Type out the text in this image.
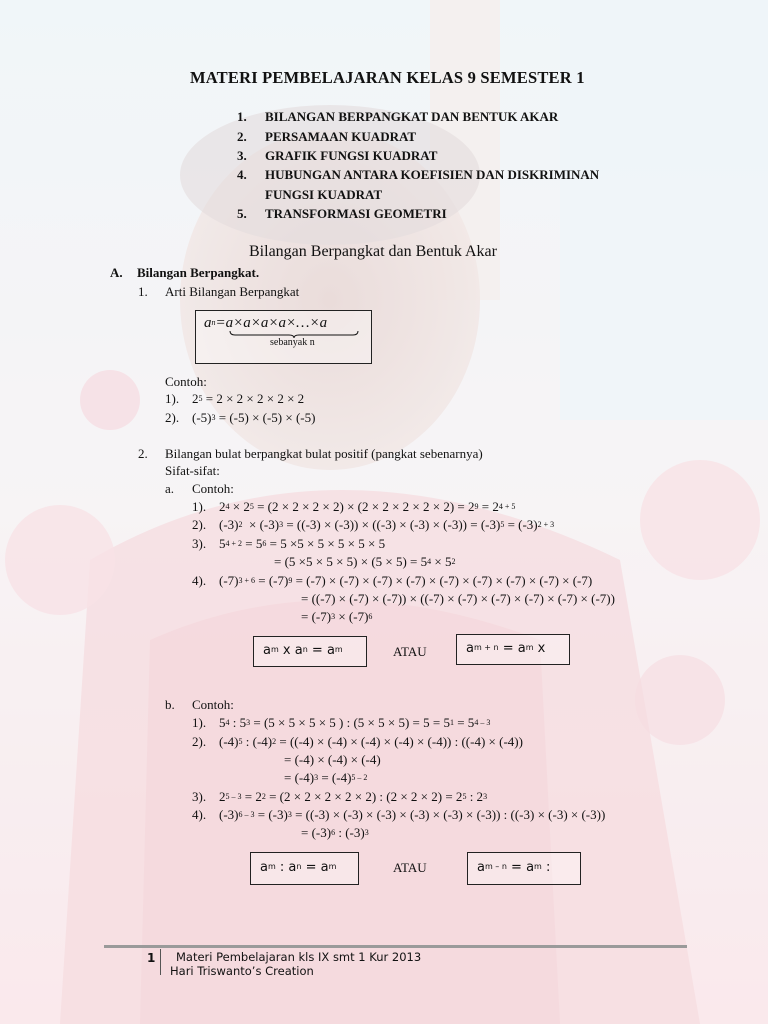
MATERI PEMBELAJARAN KELAS 9 SEMESTER 1
1. BILANGAN BERPANGKAT DAN BENTUK AKAR
2. PERSAMAAN KUADRAT
3. GRAFIK FUNGSI KUADRAT
4. HUBUNGAN ANTARA KOEFISIEN DAN DISKRIMINAN
FUNGSI KUADRAT
5. TRANSFORMASI GEOMETRI
Bilangan Berpangkat dan Bentuk Akar
A. Bilangan Berpangkat.
1. Arti Bilangan Berpangkat
$a^n=a\times a\times a\times a\times\dots\times a$
sebanyak n
Contoh:
1). $2^5 = 2 \times 2 \times 2 \times 2 \times 2$
2). $(-5)^3 = (-5) \times (-5) \times (-5)$
2. Bilangan bulat berpangkat bulat positif (pangkat sebenarnya)
Sifat-sifat:
a. Contoh:
1). $2^4 \times 2^5 = (2 \times 2 \times 2 \times 2) \times (2 \times 2 \times 2 \times 2 \times 2) = 2^9 = 2^{4 + 5}$
2). $(-3)^2 \times (-3)^3 = ((-3) \times (-3)) \times ((-3) \times (-3) \times (-3)) = (-3)^5 = (-3)^{2 + 3}$
3). $5^{4 + 2} = 5^6 = 5 \times 5 \times 5 \times 5 \times 5 \times 5$
= $(5 \times 5 \times 5 \times 5) \times (5 \times 5) = 5^4 \times 5^2$
4). $(-7)^{3 + 6} = (-7)^9 = (-7) \times (-7) \times (-7) \times (-7) \times (-7) \times (-7) \times (-7) \times (-7) \times (-7)$
= ((-7) × (-7) × (-7)) × ((-7) × (-7) × (-7) × (-7) × (-7) × (-7))
= $(-7)^3 \times (-7)^6$
$a^m$ x $a^n = a^m$	ATAU	$a^{m + n} = a^m$ x
b. Contoh:
1). $5^4$ : $5^3 = (5 \times 5 \times 5 \times 5$ ) : $(5 \times 5 \times 5) = 5 = 5^1 = 5^{4 - 3}$
2). $(-4)^5$ : $(-4)^2 = ((-4) \times (-4) \times (-4) \times (-4) \times (-4))$ : ((-4) × (-4))
= (-4) × (-4) × (-4)
= $(-4)^3 = (-4)^{5 - 2}$
3). $2^{5 - 3} = 2^2 = (2 \times 2 \times 2 \times 2 \times 2)$ : $(2 \times 2 \times 2) = 2^5$ : $2^3$
4). $(-3)^{6 - 3} = (-3)^3 = ((-3) \times (-3) \times (-3) \times (-3) \times (-3) \times (-3))$ : ((-3) × (-3) × (-3))
= $(-3)^6$ : $(-3)^3$
$a^m$ : $a^n = a^m$	ATAU	$a^{m - n} = a^m$ :
1 Materi Pembelajaran kls IX smt 1 Kur 2013
Hari Triswanto’s Creation
